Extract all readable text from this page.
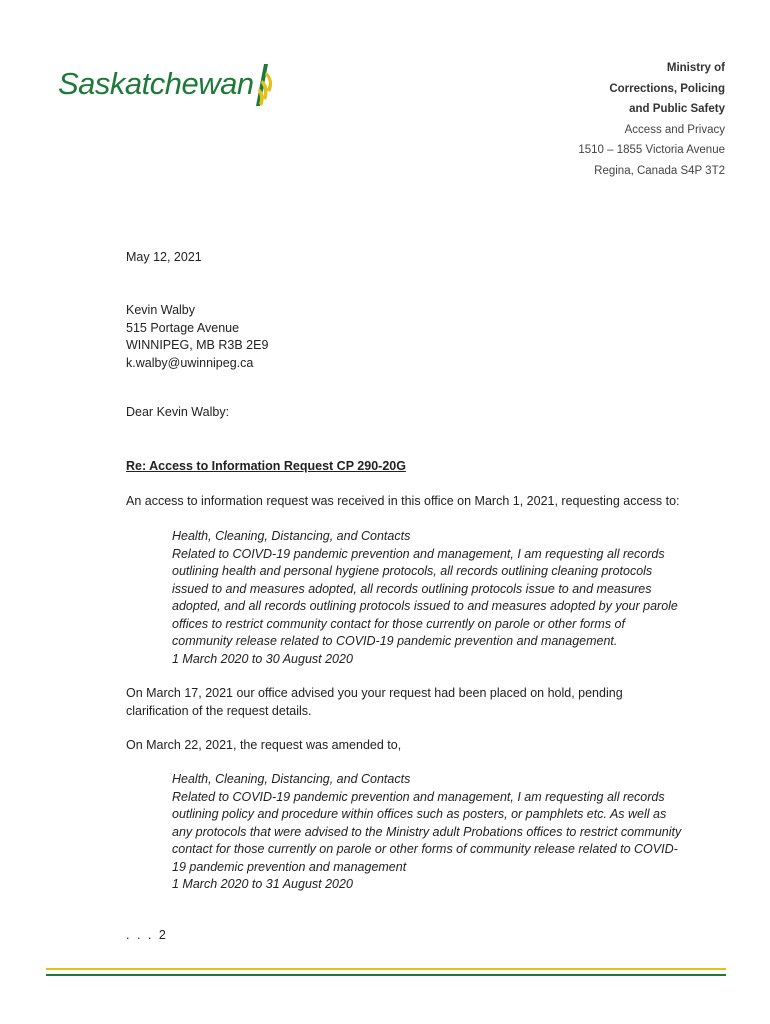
Saskatchewan	Ministry of
Corrections, Policing
and Public Safety
Access and Privacy
1510 – 1855 Victoria Avenue
Regina, Canada S4P 3T2
May 12, 2021
Kevin Walby
515 Portage Avenue
WINNIPEG, MB R3B 2E9
k.walby@uwinnipeg.ca
Dear Kevin Walby:
Re: Access to Information Request CP 290-20G
An access to information request was received in this office on March 1, 2021, requesting access to:
Health, Cleaning, Distancing, and Contacts
Related to COIVD-19 pandemic prevention and management, I am requesting all records outlining health and personal hygiene protocols, all records outlining cleaning protocols issued to and measures adopted, all records outlining protocols issue to and measures adopted, and all records outlining protocols issued to and measures adopted by your parole offices to restrict community contact for those currently on parole or other forms of community release related to COVID-19 pandemic prevention and management.
1 March 2020 to 30 August 2020
On March 17, 2021 our office advised you your request had been placed on hold, pending clarification of the request details.
On March 22, 2021, the request was amended to,
Health, Cleaning, Distancing, and Contacts
Related to COVID-19 pandemic prevention and management, I am requesting all records outlining policy and procedure within offices such as posters, or pamphlets etc. As well as any protocols that were advised to the Ministry adult Probations offices to restrict community contact for those currently on parole or other forms of community release related to COVID-19 pandemic prevention and management
1 March 2020 to 31 August 2020
. . . 2
